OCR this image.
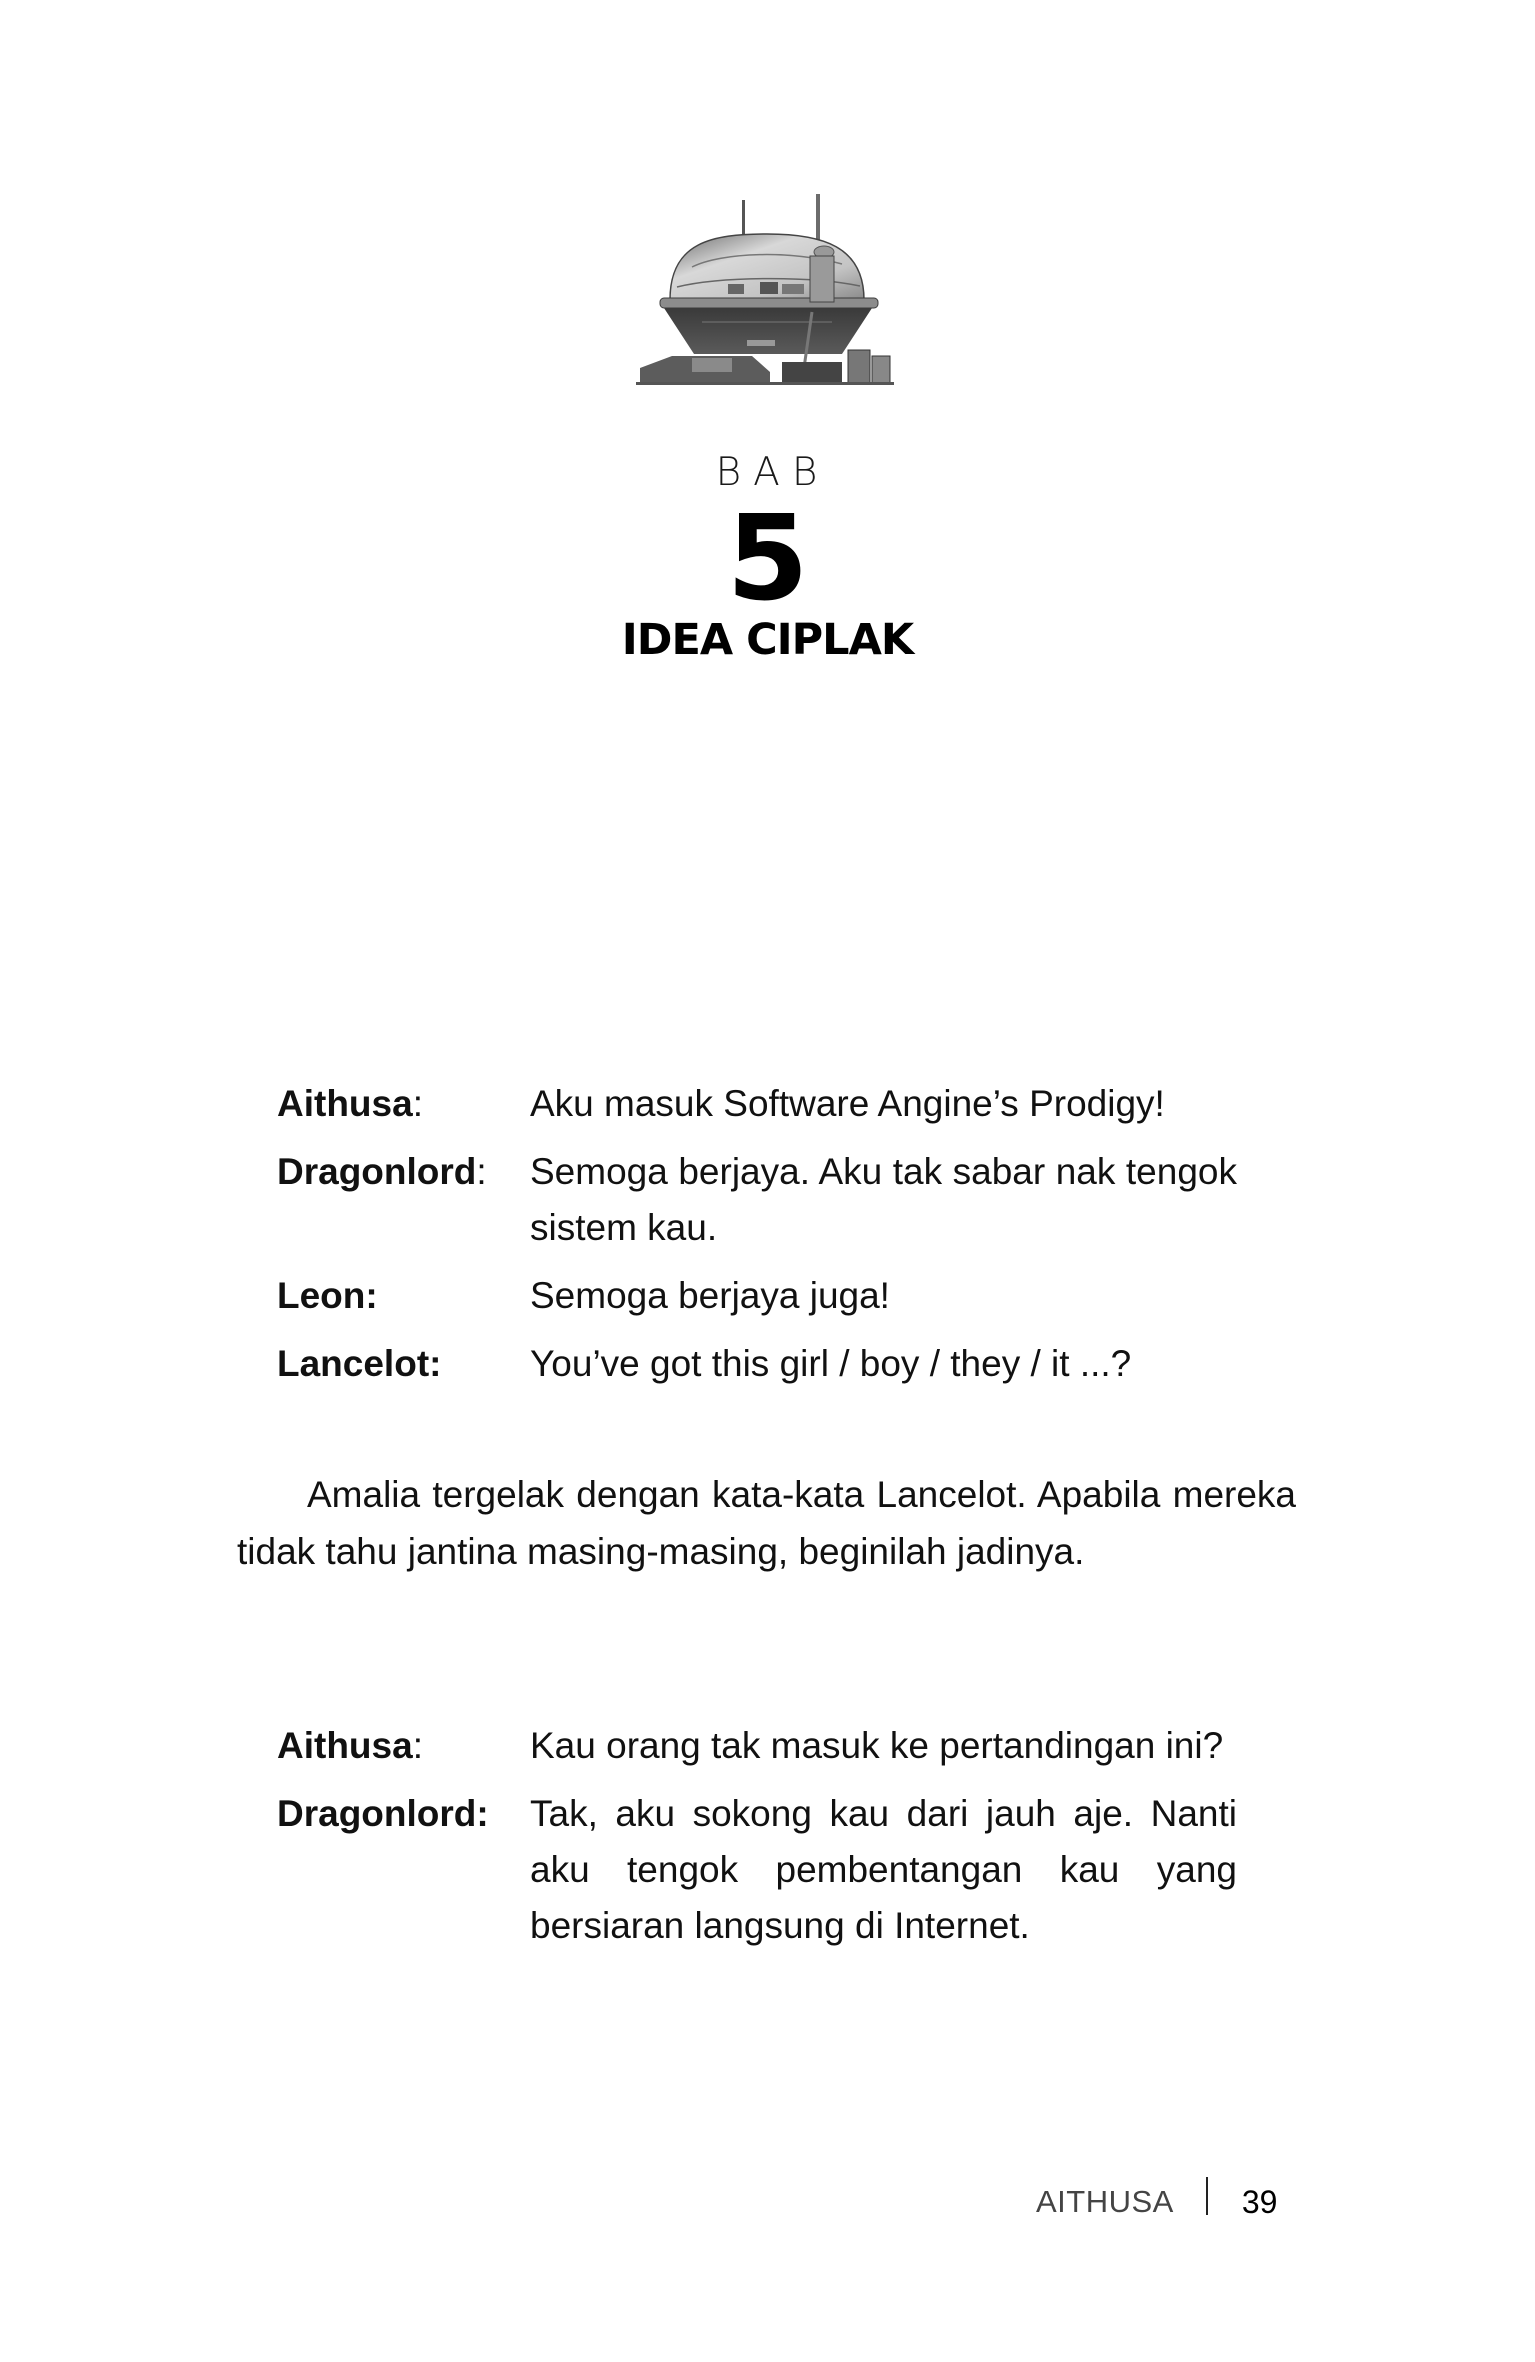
BAB
5
IDEA CIPLAK
Aithusa:	Aku masuk Software Angine’s Prodigy!
Dragonlord:	Semoga berjaya. Aku tak sabar nak tengok sistem kau.
Leon:	Semoga berjaya juga!
Lancelot:	You’ve got this girl / boy / they / it ...?
Amalia tergelak dengan kata-kata Lancelot. Apabila mereka tidak tahu jantina masing-masing, beginilah jadinya.
Aithusa:	Kau orang tak masuk ke pertandingan ini?
Dragonlord:	Tak, aku sokong kau dari jauh aje. Nanti aku tengok pembentangan kau yang bersiaran langsung di Internet.
AITHUSA 39
